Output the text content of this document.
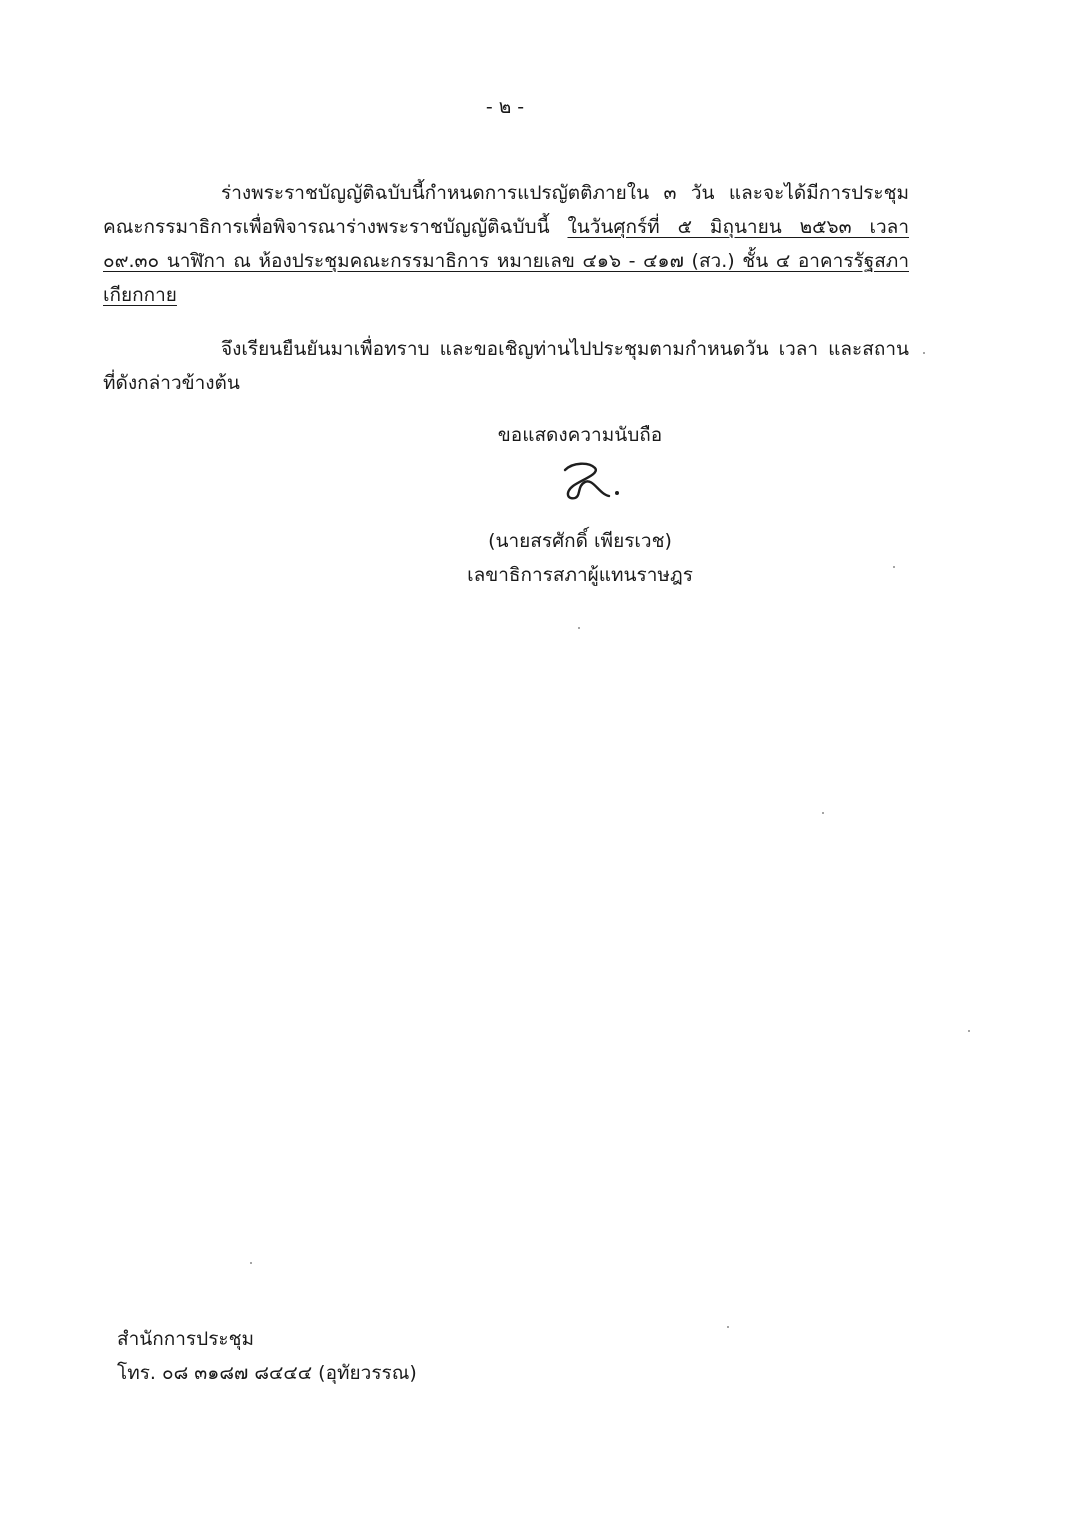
- ๒ -
ร่างพระราชบัญญัติฉบับนี้กำหนดการแปรญัตติภายใน ๓ วัน และจะได้มีการประชุม คณะกรรมาธิการเพื่อพิจารณาร่างพระราชบัญญัติฉบับนี้ ในวันศุกร์ที่ ๕ มิถุนายน ๒๕๖๓ เวลา ๐๙.๓๐ นาฬิกา ณ ห้องประชุมคณะกรรมาธิการ หมายเลข ๔๑๖ - ๔๑๗ (สว.) ชั้น ๔ อาคารรัฐสภา เกียกกาย
จึงเรียนยืนยันมาเพื่อทราบ และขอเชิญท่านไปประชุมตามกำหนดวัน เวลา และสถานที่ดังกล่าวข้างต้น
ขอแสดงความนับถือ
(นายสรศักดิ์ เพียรเวช)
เลขาธิการสภาผู้แทนราษฎร
สำนักการประชุม
โทร. ๐๘ ๓๑๘๗ ๘๔๔๔ (อุทัยวรรณ)
